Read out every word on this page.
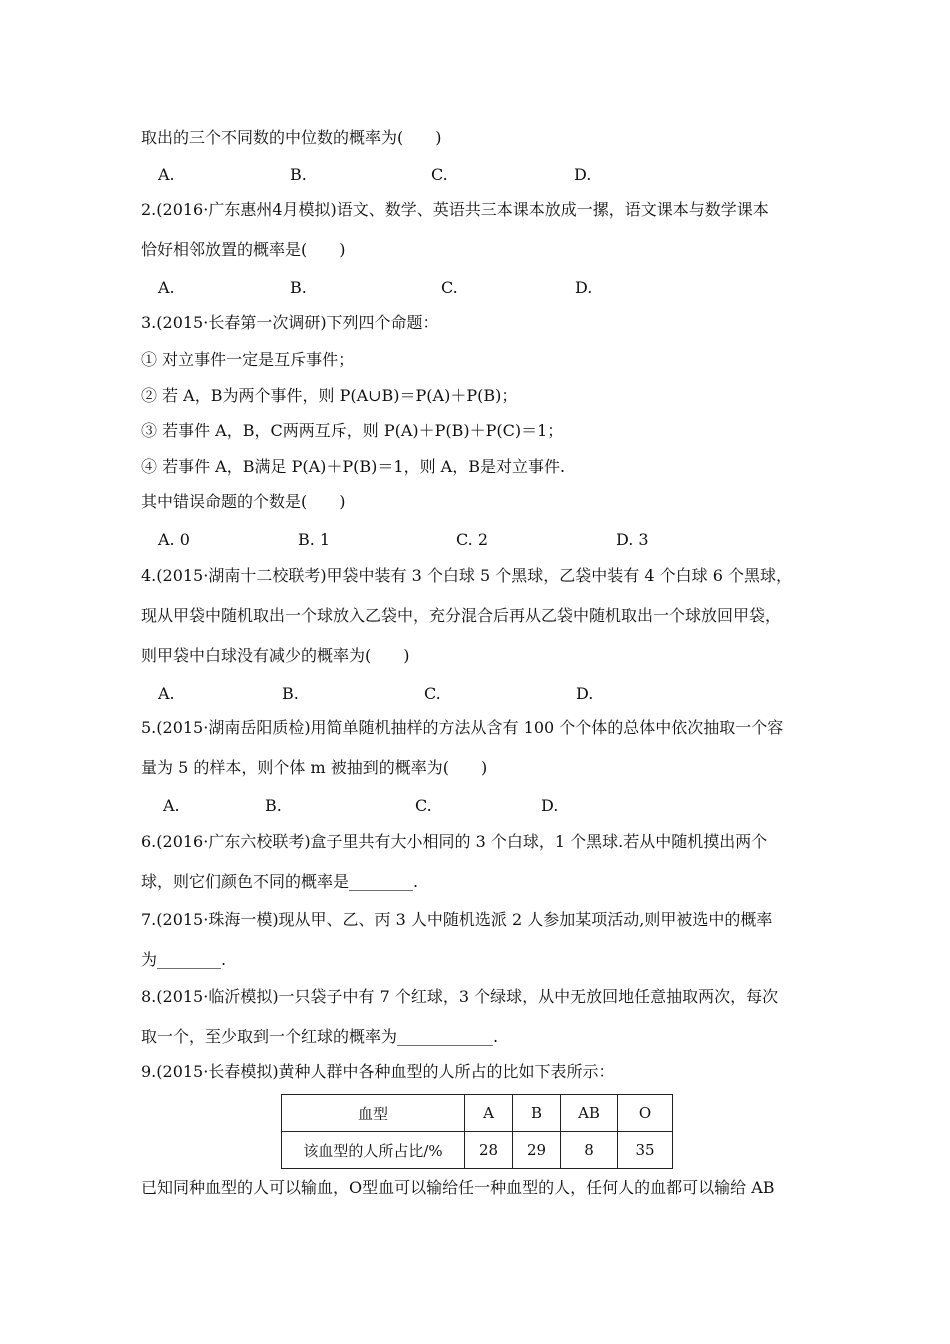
取出的三个不同数的中位数的概率为(　　)
A.	B.	C.	D.
2.(2016·广东惠州4月模拟)语文、数学、英语共三本课本放成一摞，语文课本与数学课本
恰好相邻放置的概率是(　　)
A.	B.	C.	D.
3.(2015·长春第一次调研)下列四个命题：
① 对立事件一定是互斥事件；
② 若 A，B为两个事件，则 P(A∪B)＝P(A)＋P(B)；
③ 若事件 A，B，C两两互斥，则 P(A)＋P(B)＋P(C)＝1；
④ 若事件 A，B满足 P(A)＋P(B)＝1，则 A，B是对立事件.
其中错误命题的个数是(　　)
A. 0	B. 1	C. 2	D. 3
4.(2015·湖南十二校联考)甲袋中装有 3 个白球 5 个黑球，乙袋中装有 4 个白球 6 个黑球，
现从甲袋中随机取出一个球放入乙袋中，充分混合后再从乙袋中随机取出一个球放回甲袋，
则甲袋中白球没有减少的概率为(　　)
A.	B.	C.	D.
5.(2015·湖南岳阳质检)用简单随机抽样的方法从含有 100 个个体的总体中依次抽取一个容
量为 5 的样本，则个体 m 被抽到的概率为(　　)
A.	B.	C.	D.
6.(2016·广东六校联考)盒子里共有大小相同的 3 个白球，1 个黑球.若从中随机摸出两个
球，则它们颜色不同的概率是________.
7.(2015·珠海一模)现从甲、乙、丙 3 人中随机选派 2 人参加某项活动,则甲被选中的概率
为________.
8.(2015·临沂模拟)一只袋子中有 7 个红球，3 个绿球，从中无放回地任意抽取两次，每次
取一个，至少取到一个红球的概率为____________.
9.(2015·长春模拟)黄种人群中各种血型的人所占的比如下表所示：
血型	A	B	AB	O
该血型的人所占比/%	28	29	8	35
已知同种血型的人可以输血，O型血可以输给任一种血型的人，任何人的血都可以输给 AB
